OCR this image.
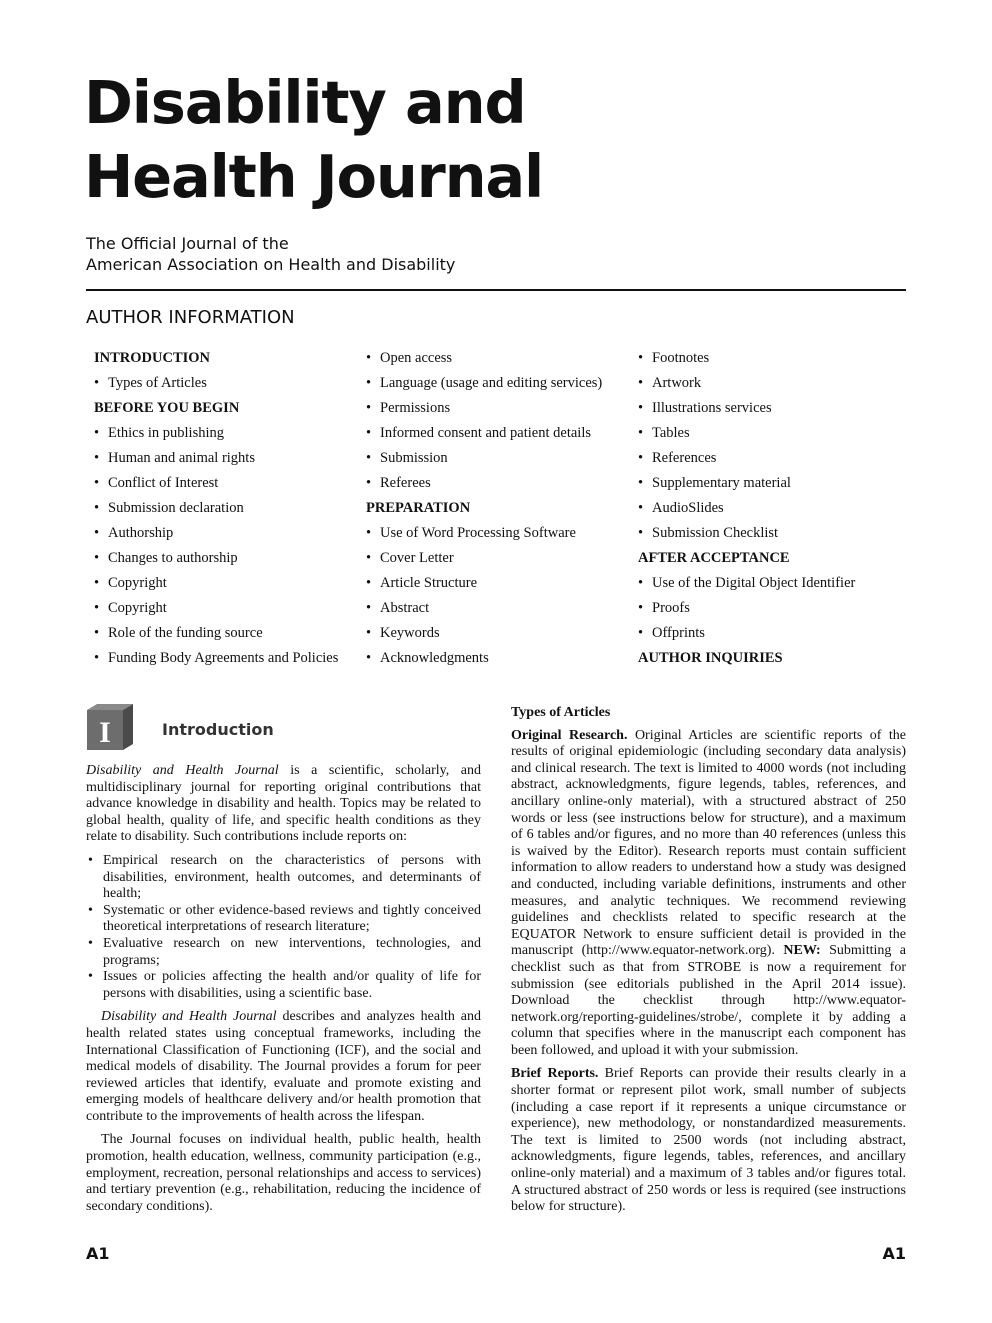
Disability and
Health Journal
The Official Journal of the
American Association on Health and Disability
AUTHOR INFORMATION
INTRODUCTION
• Types of Articles
BEFORE YOU BEGIN
• Ethics in publishing
• Human and animal rights
• Conflict of Interest
• Submission declaration
• Authorship
• Changes to authorship
• Copyright
• Copyright
• Role of the funding source
• Funding Body Agreements and Policies
• Open access
• Language (usage and editing services)
• Permissions
• Informed consent and patient details
• Submission
• Referees
PREPARATION
• Use of Word Processing Software
• Cover Letter
• Article Structure
• Abstract
• Keywords
• Acknowledgments
• Footnotes
• Artwork
• Illustrations services
• Tables
• References
• Supplementary material
• AudioSlides
• Submission Checklist
AFTER ACCEPTANCE
• Use of the Digital Object Identifier
• Proofs
• Offprints
AUTHOR INQUIRIES
I	Introduction

Disability and Health Journal is a scientific, scholarly, and multidisciplinary journal for reporting original contributions that advance knowledge in disability and health. Topics may be related to global health, quality of life, and specific health conditions as they relate to disability. Such contributions include reports on:

• Empirical research on the characteristics of persons with disabilities, environment, health outcomes, and determinants of health;
• Systematic or other evidence-based reviews and tightly conceived theoretical interpretations of research literature;
• Evaluative research on new interventions, technologies, and programs;
• Issues or policies affecting the health and/or quality of life for persons with disabilities, using a scientific base.

Disability and Health Journal describes and analyzes health and health related states using conceptual frameworks, including the International Classification of Functioning (ICF), and the social and medical models of disability. The Journal provides a forum for peer reviewed articles that identify, evaluate and promote existing and emerging models of healthcare delivery and/or health promotion that contribute to the improvements of health across the lifespan.

The Journal focuses on individual health, public health, health promotion, health education, wellness, community participation (e.g., employment, recreation, personal relationships and access to services) and tertiary prevention (e.g., rehabilitation, reducing the incidence of secondary conditions).

Types of Articles

Original Research. Original Articles are scientific reports of the results of original epidemiologic (including secondary data analysis) and clinical research. The text is limited to 4000 words (not including abstract, acknowledgments, figure legends, tables, references, and ancillary online-only material), with a structured abstract of 250 words or less (see instructions below for structure), and a maximum of 6 tables and/or figures, and no more than 40 references (unless this is waived by the Editor). Research reports must contain sufficient information to allow readers to understand how a study was designed and conducted, including variable definitions, instruments and other measures, and analytic techniques. We recommend reviewing guidelines and checklists related to specific research at the EQUATOR Network to ensure sufficient detail is provided in the manuscript (http://www.equator-network.org). NEW: Submitting a checklist such as that from STROBE is now a requirement for submission (see editorials published in the April 2014 issue). Download the checklist through http://www.equator-network.org/reporting-guidelines/strobe/, complete it by adding a column that specifies where in the manuscript each component has been followed, and upload it with your submission.

Brief Reports. Brief Reports can provide their results clearly in a shorter format or represent pilot work, small number of subjects (including a case report if it represents a unique circumstance or experience), new methodology, or nonstandardized measurements. The text is limited to 2500 words (not including abstract, acknowledgments, figure legends, tables, references, and ancillary online-only material) and a maximum of 3 tables and/or figures total. A structured abstract of 250 words or less is required (see instructions below for structure).

A1	A1
